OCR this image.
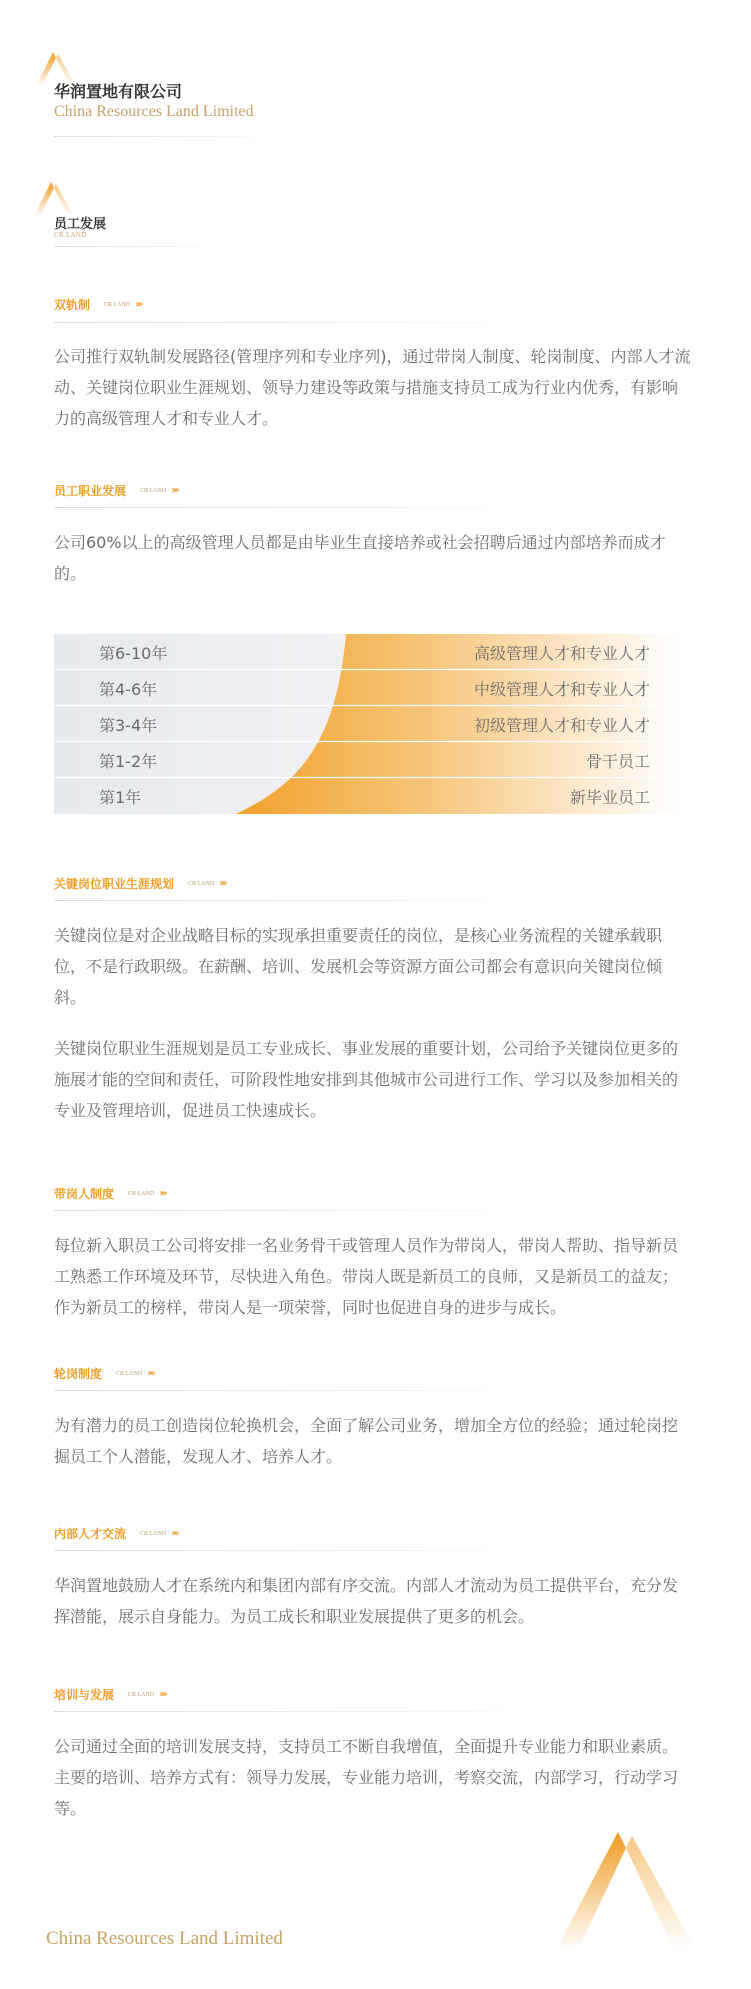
华润置地有限公司
China Resources Land Limited
员工发展
CR LAND
双轨制 CR LAND ›››
公司推行双轨制发展路径(管理序列和专业序列)，通过带岗人制度、轮岗制度、内部人才流动、关键岗位职业生涯规划、领导力建设等政策与措施支持员工成为行业内优秀，有影响力的高级管理人才和专业人才。
员工职业发展 CR LAND ›››
公司60%以上的高级管理人员都是由毕业生直接培养或社会招聘后通过内部培养而成才的。
第6-10年	高级管理人才和专业人才
第4-6年	中级管理人才和专业人才
第3-4年	初级管理人才和专业人才
第1-2年	骨干员工
第1年	新毕业员工
关键岗位职业生涯规划 CR LAND ›››
关键岗位是对企业战略目标的实现承担重要责任的岗位，是核心业务流程的关键承载职位，不是行政职级。在薪酬、培训、发展机会等资源方面公司都会有意识向关键岗位倾斜。
关键岗位职业生涯规划是员工专业成长、事业发展的重要计划，公司给予关键岗位更多的施展才能的空间和责任，可阶段性地安排到其他城市公司进行工作、学习以及参加相关的专业及管理培训，促进员工快速成长。
带岗人制度 CR LAND ›››
每位新入职员工公司将安排一名业务骨干或管理人员作为带岗人，带岗人帮助、指导新员工熟悉工作环境及环节，尽快进入角色。带岗人既是新员工的良师，又是新员工的益友；作为新员工的榜样，带岗人是一项荣誉，同时也促进自身的进步与成长。
轮岗制度 CR LAND ›››
为有潜力的员工创造岗位轮换机会，全面了解公司业务，增加全方位的经验；通过轮岗挖掘员工个人潜能，发现人才、培养人才。
内部人才交流 CR LAND ›››
华润置地鼓励人才在系统内和集团内部有序交流。内部人才流动为员工提供平台，充分发挥潜能，展示自身能力。为员工成长和职业发展提供了更多的机会。
培训与发展 CR LAND ›››
公司通过全面的培训发展支持，支持员工不断自我增值，全面提升专业能力和职业素质。主要的培训、培养方式有：领导力发展，专业能力培训，考察交流，内部学习，行动学习等。
China Resources Land Limited
